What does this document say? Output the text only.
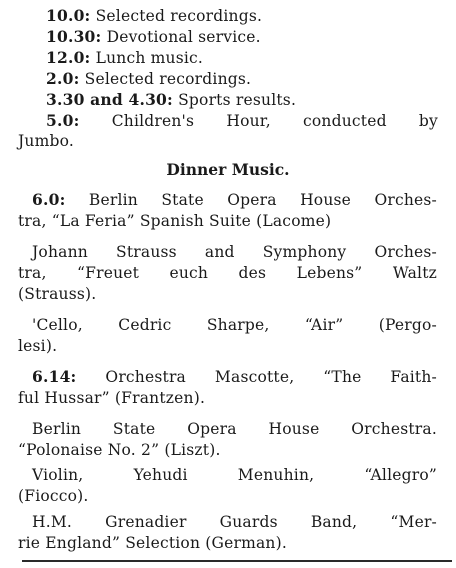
10.0: Selected recordings.
10.30: Devotional service.
12.0: Lunch music.
2.0: Selected recordings.
3.30 and 4.30: Sports results.
5.0: Children's Hour, conducted by
Jumbo.
Dinner Music.
6.0: Berlin State Opera House Orches-
tra, “La Feria” Spanish Suite (Lacome)
Johann Strauss and Symphony Orches-
tra, “Freuet euch des Lebens” Waltz
(Strauss).
'Cello, Cedric Sharpe, “Air” (Pergo-
lesi).
6.14: Orchestra Mascotte, “The Faith-
ful Hussar” (Frantzen).
Berlin State Opera House Orchestra.
“Polonaise No. 2” (Liszt).
Violin, Yehudi Menuhin, “Allegro”
(Fiocco).
H.M. Grenadier Guards Band, “Mer-
rie England” Selection (German).
